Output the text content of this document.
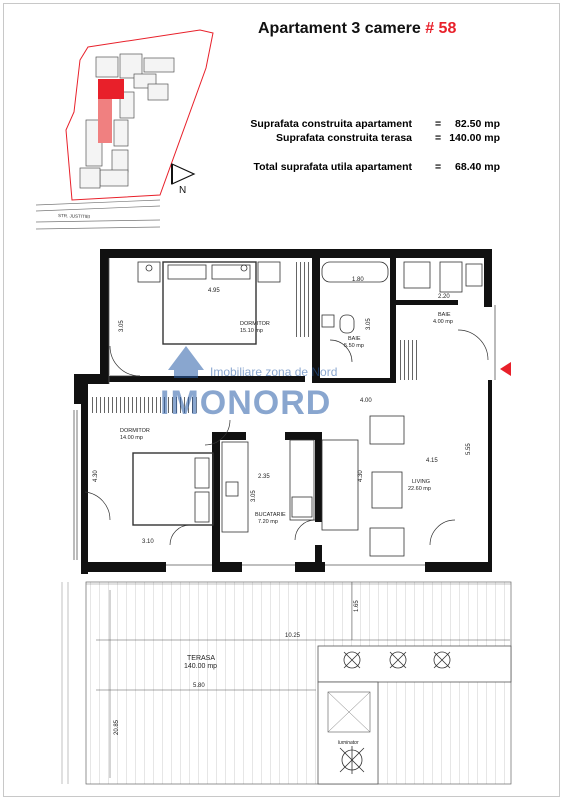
Apartament 3 camere # 58
Suprafata construita apartament = 82.50 mp
Suprafata construita terasa = 140.00 mp
Total suprafata utila apartament = 68.40 mp
DORMITOR
15.10 mp
BAIE
5.50 mp
BAIE
4.00 mp
DORMITOR
14.00 mp
BUCATARIE
7.20 mp
LIVING
22.60 mp
TERASA
140.00 mp
luminator
4.95
3.05
1.80
3.05
2.20
4.00
4.30	2.35
3.05
4.30
4.15
5.55
3.10
1.65
10.25
5.80
20.85
N
STR. JUSTITIEI
Imobiliare zona de Nord
IMONORD
